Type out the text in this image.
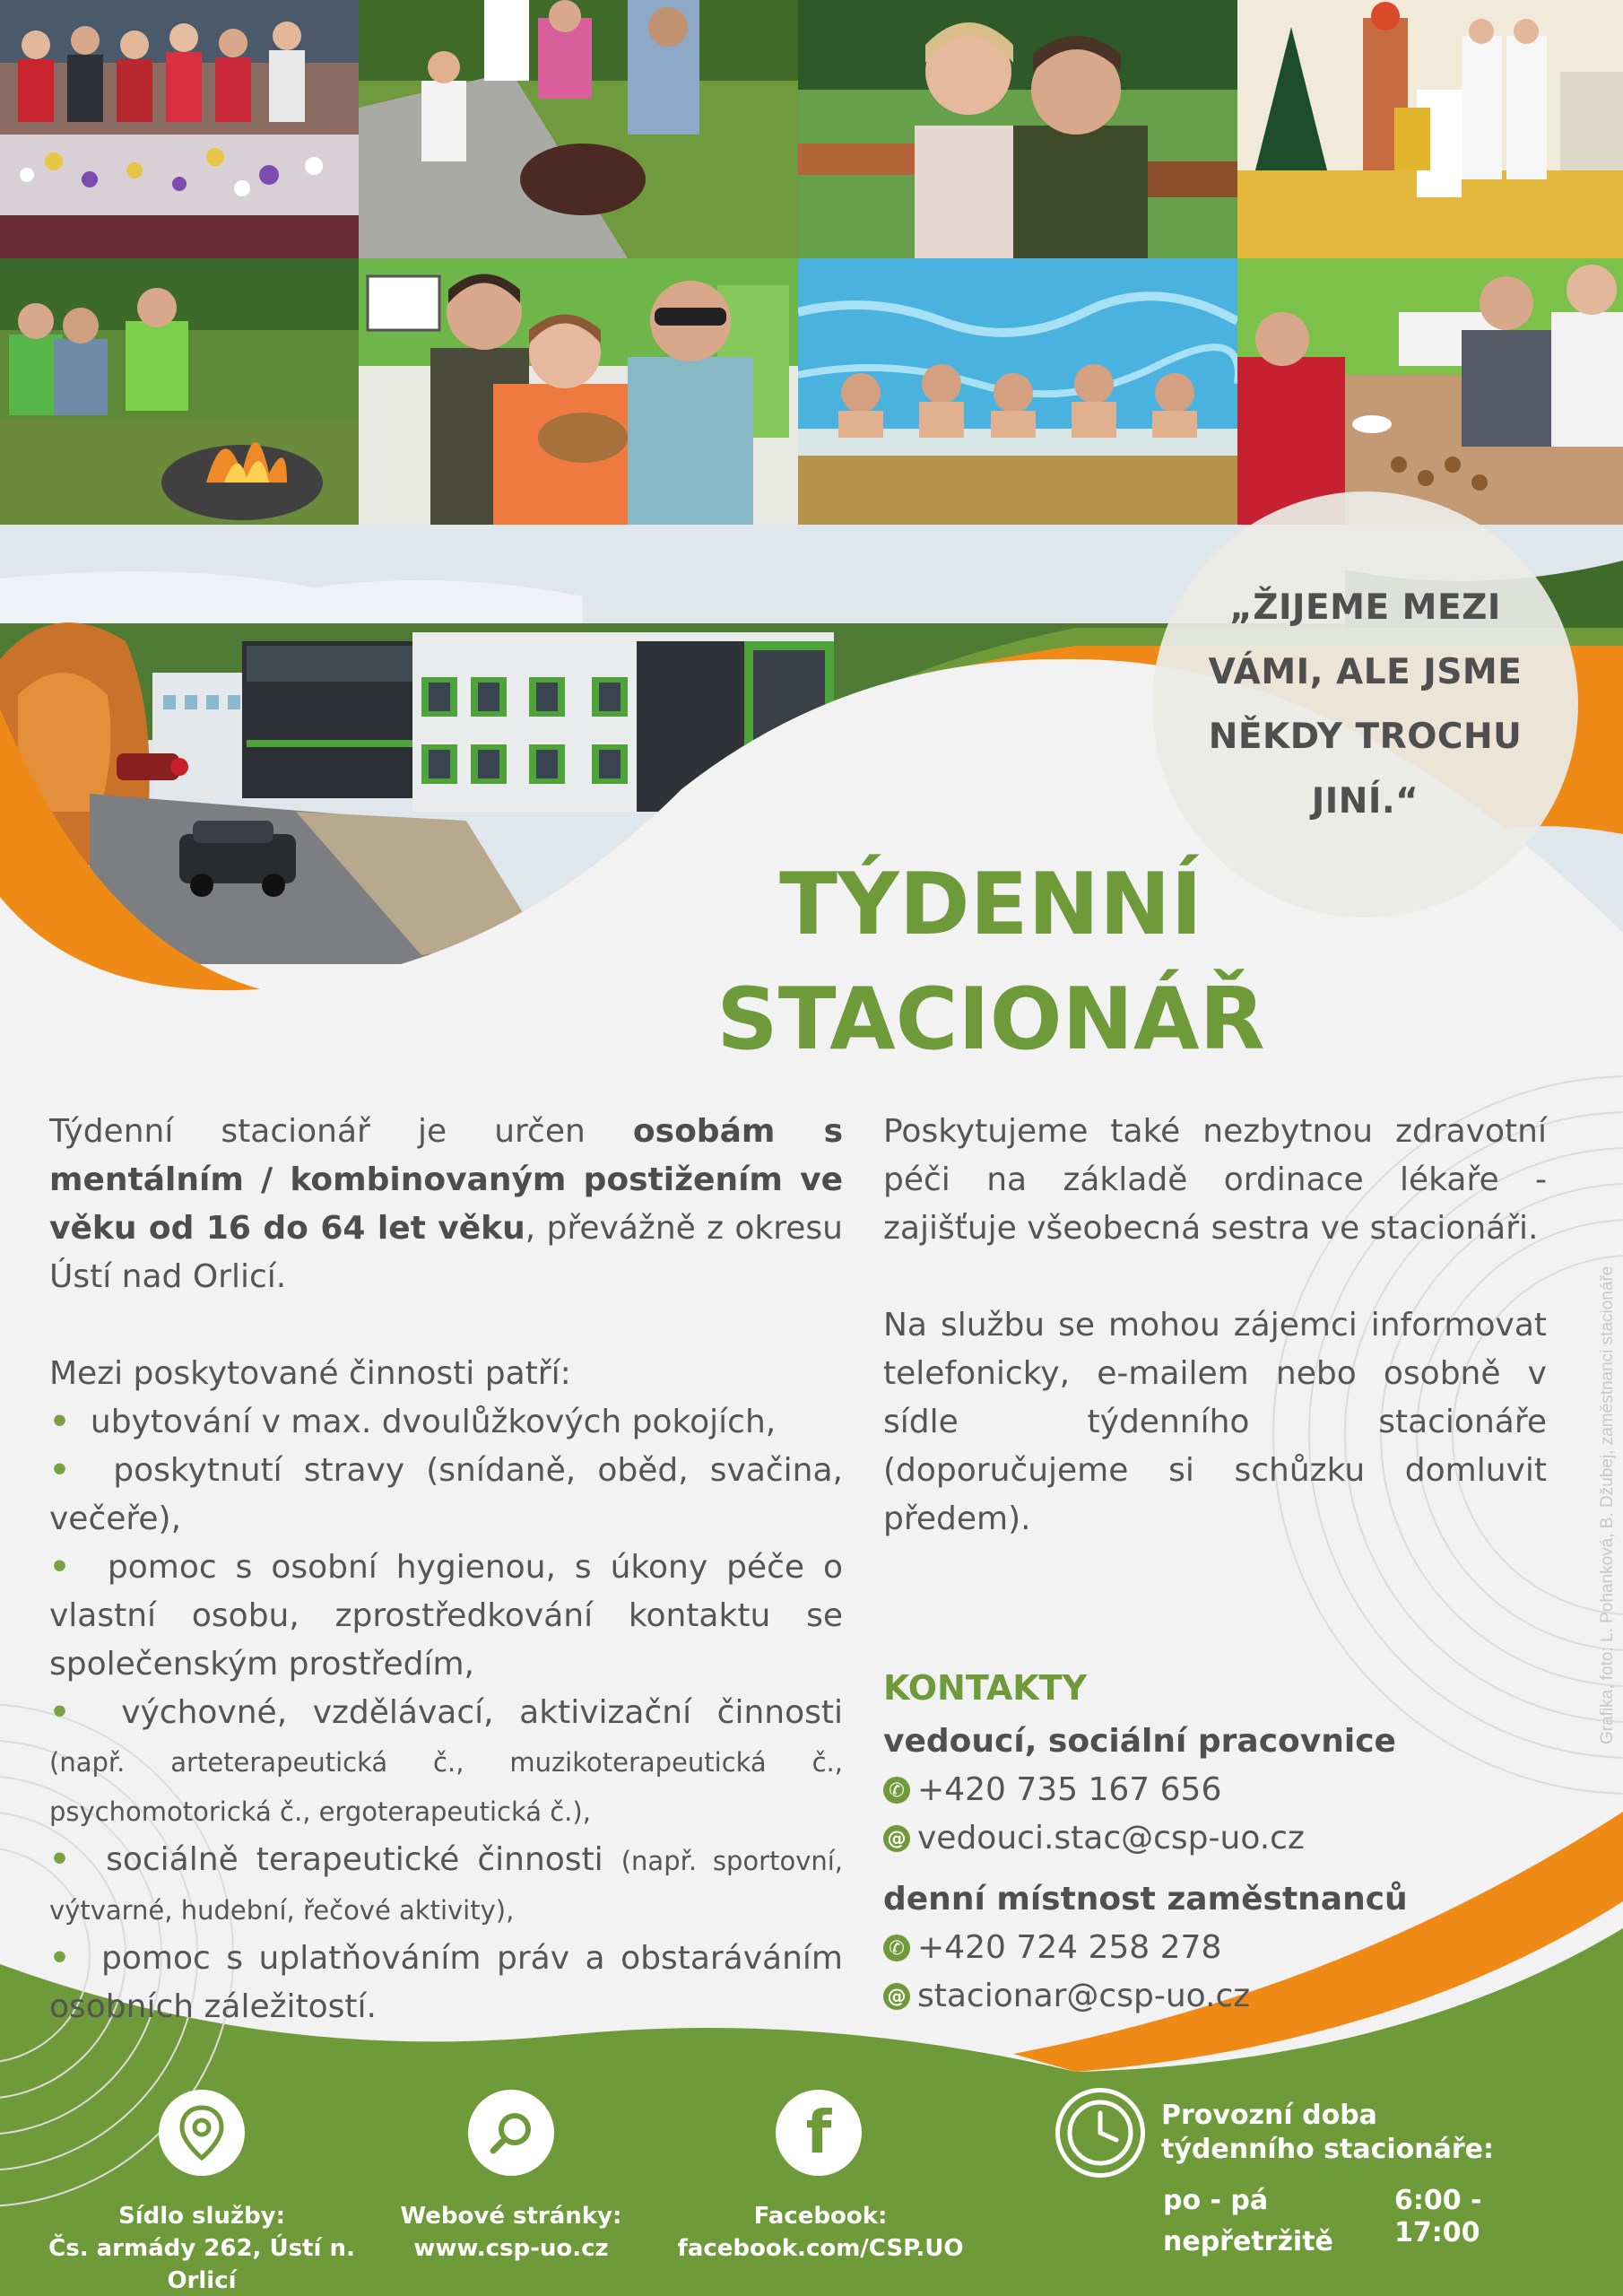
„ŽIJEME MEZI VÁMI, ALE JSME NĚKDY TROCHU JINÍ.“
TÝDENNÍ
STACIONÁŘ

Týdenní stacionář je určen osobám s mentálním / kombinovaným postižením ve věku od 16 do 64 let věku, převážně z okresu Ústí nad Orlicí.

Mezi poskytované činnosti patří:

• ubytování v max. dvoulůžkových pokojích,

• poskytnutí stravy (snídaně, oběd, svačina, večeře),

• pomoc s osobní hygienou, s úkony péče o vlastní osobu, zprostředkování kontaktu se společenským prostředím,

• výchovné, vzdělávací, aktivizační činnosti (např. arteterapeutická č., muzikoterapeutická č., psychomotorická č., ergoterapeutická č.),

• sociálně terapeutické činnosti (např. sportovní, výtvarné, hudební, řečové aktivity),

• pomoc s uplatňováním práv a obstaráváním osobních záležitostí.

Poskytujeme také nezbytnou zdravotní péči na základě ordinace lékaře - zajišťuje všeobecná sestra ve stacionáři.

Na službu se mohou zájemci informovat telefonicky, e-mailem nebo osobně v sídle týdenního stacionáře (doporučujeme si schůzku domluvit předem).

KONTAKTY

vedoucí, sociální pracovnice

✆ +420 735 167 656
@ vedouci.stac@csp-uo.cz

denní místnost zaměstnanců

✆ +420 724 258 278
@ stacionar@csp-uo.cz
Grafika, foto: L. Pohanková, B. Džubej, zaměstnanci stacionáře
Sídlo služby:
Čs. armády 262, Ústí n. Orlicí
Webové stránky:
www.csp-uo.cz
f
Facebook:
facebook.com/CSP.UO
Provozní doba
týdenního stacionáře:
po - pá	6:00 - 17:00
nepřetržitě
